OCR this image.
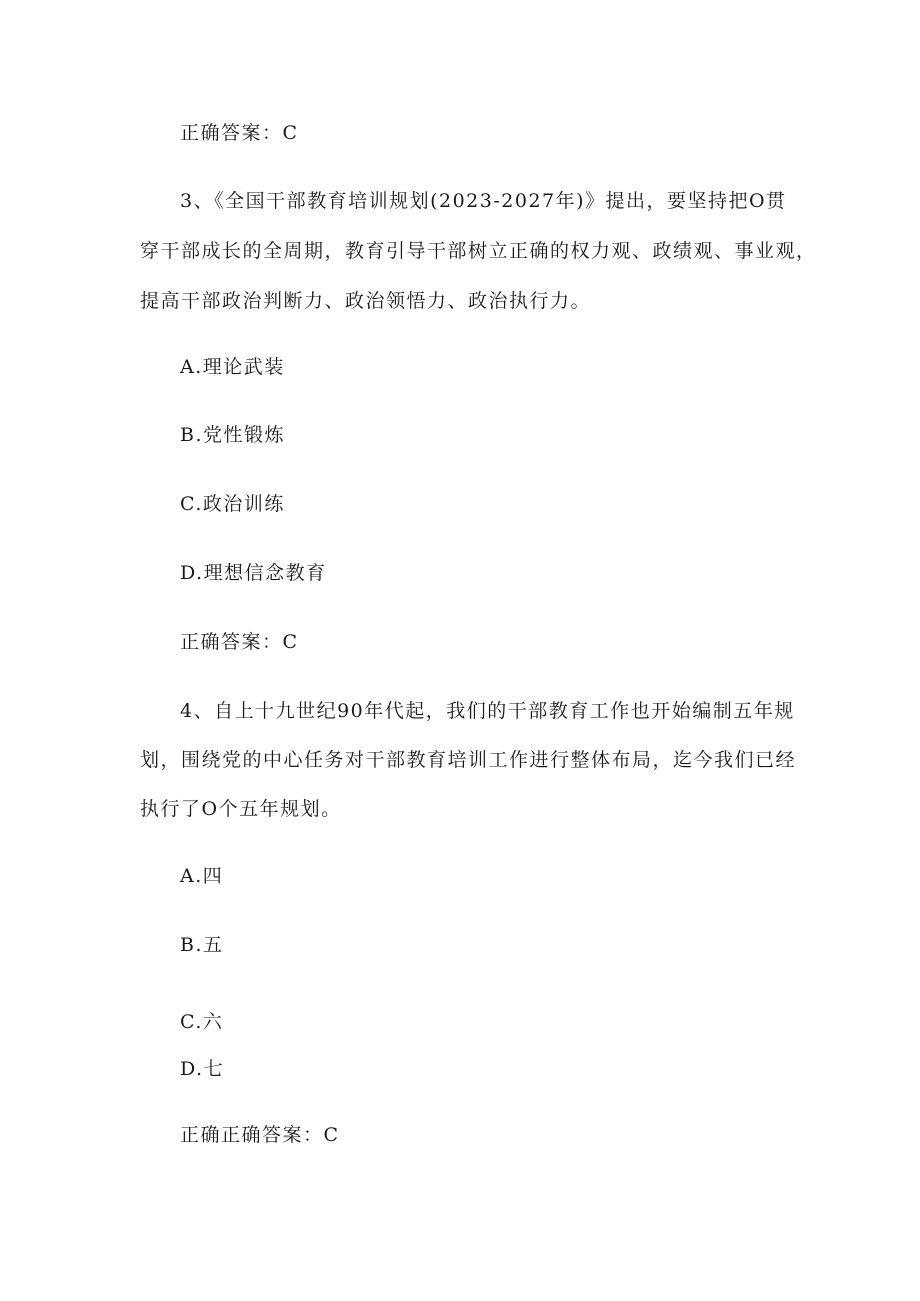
正确答案：C
3、《全国干部教育培训规划(2023-2027年)》提出，要坚持把O贯
穿干部成长的全周期，教育引导干部树立正确的权力观、政绩观、事业观，
提高干部政治判断力、政治领悟力、政治执行力。
A.理论武装
B.党性锻炼
C.政治训练
D.理想信念教育
正确答案：C
4、自上十九世纪90年代起，我们的干部教育工作也开始编制五年规
划，围绕党的中心任务对干部教育培训工作进行整体布局，迄今我们已经
执行了O个五年规划。
A.四
B.五
C.六
D.七
正确正确答案：C
